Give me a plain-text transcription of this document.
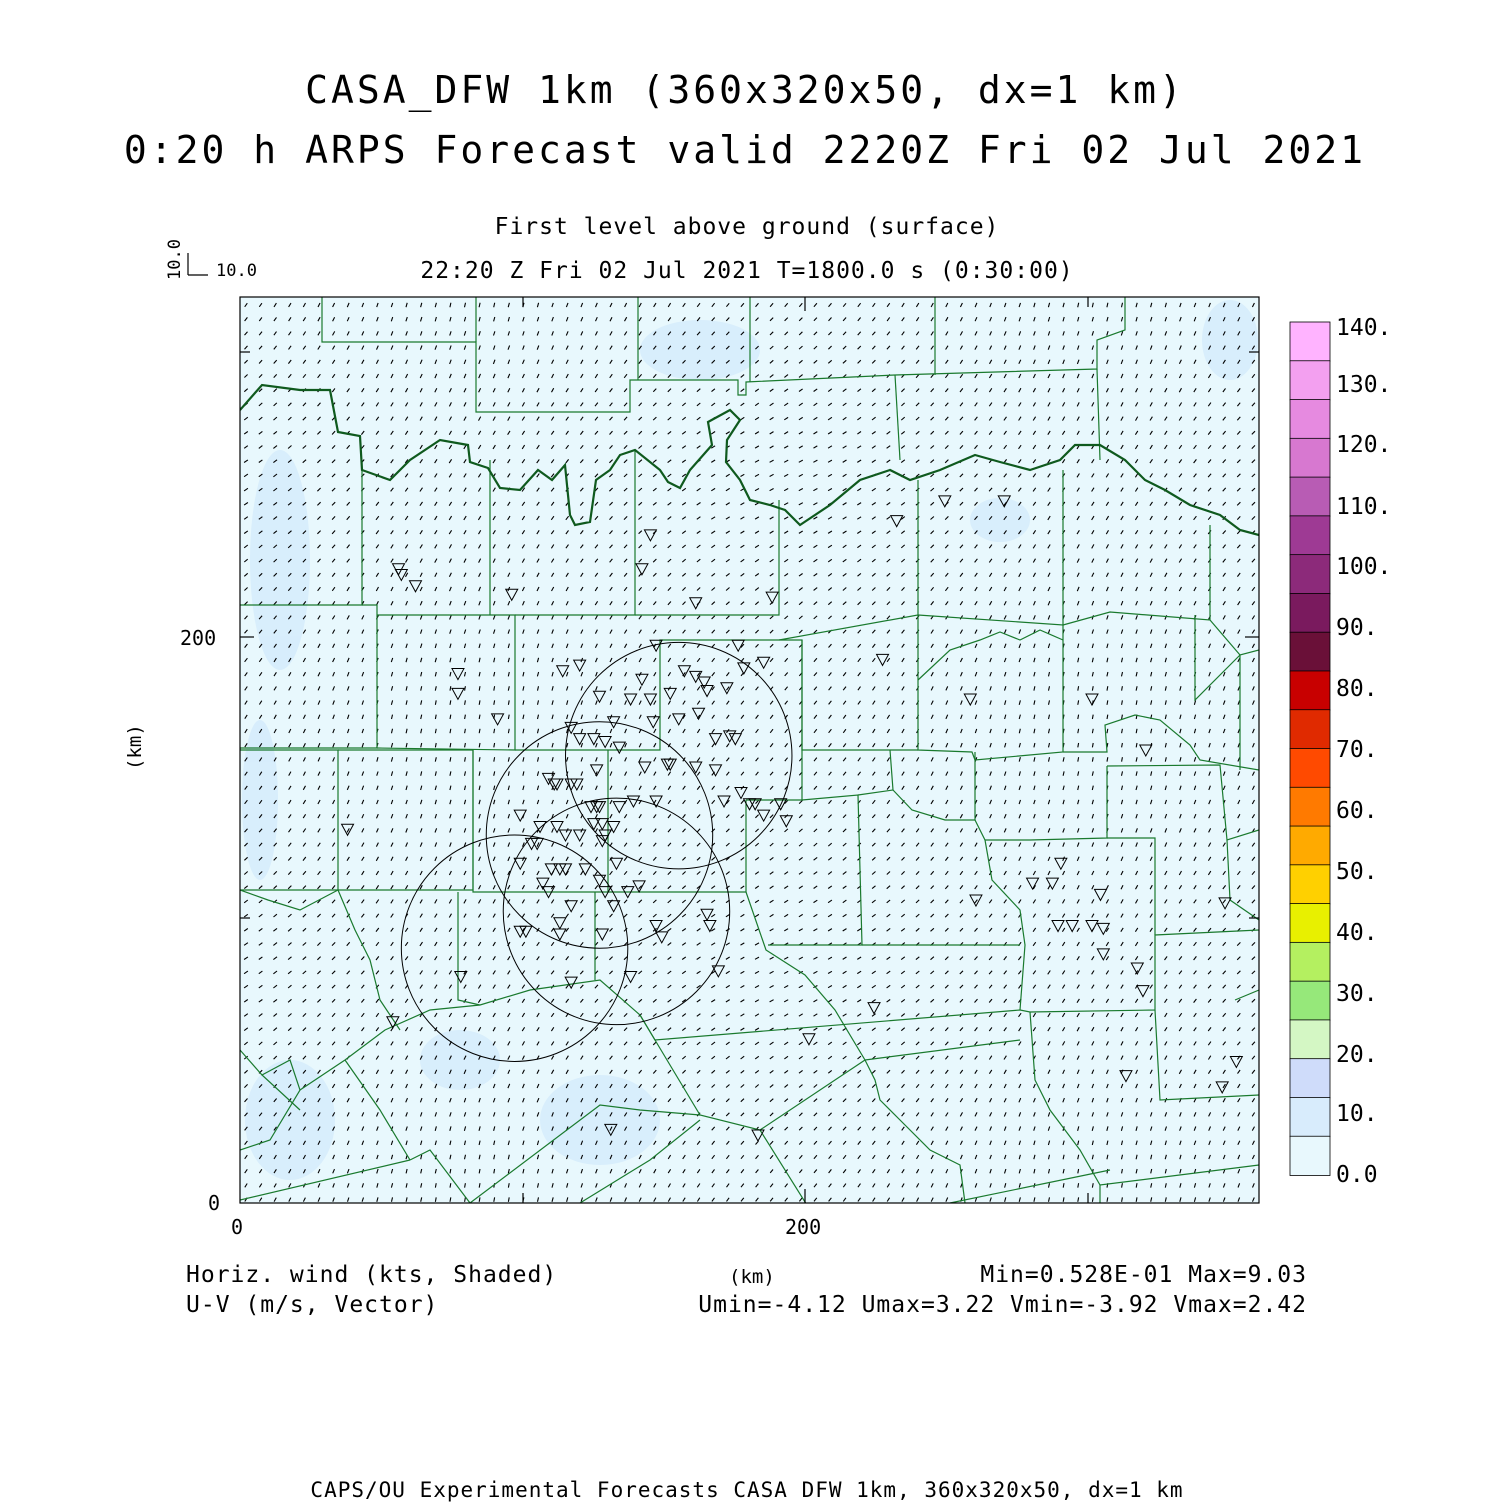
10.0 10.0
200
0
0	200
(km)
140.
130.
120.
110.
100.
90.
80.
70.
60.
50.
40.
30.
20.
10.
0.0
CASA_DFW 1km (360x320x50, dx=1 km)
0:20 h ARPS Forecast valid 2220Z Fri 02 Jul 2021
First level above ground (surface)
22:20 Z Fri 02 Jul 2021 T=1800.0 s (0:30:00)
Horiz. wind (kts, Shaded)
U-V (m/s, Vector)
(km)	Min=0.528E-01 Max=9.03
Umin=-4.12 Umax=3.22 Vmin=-3.92 Vmax=2.42
CAPS/OU Experimental Forecasts CASA DFW 1km, 360x320x50, dx=1 km
